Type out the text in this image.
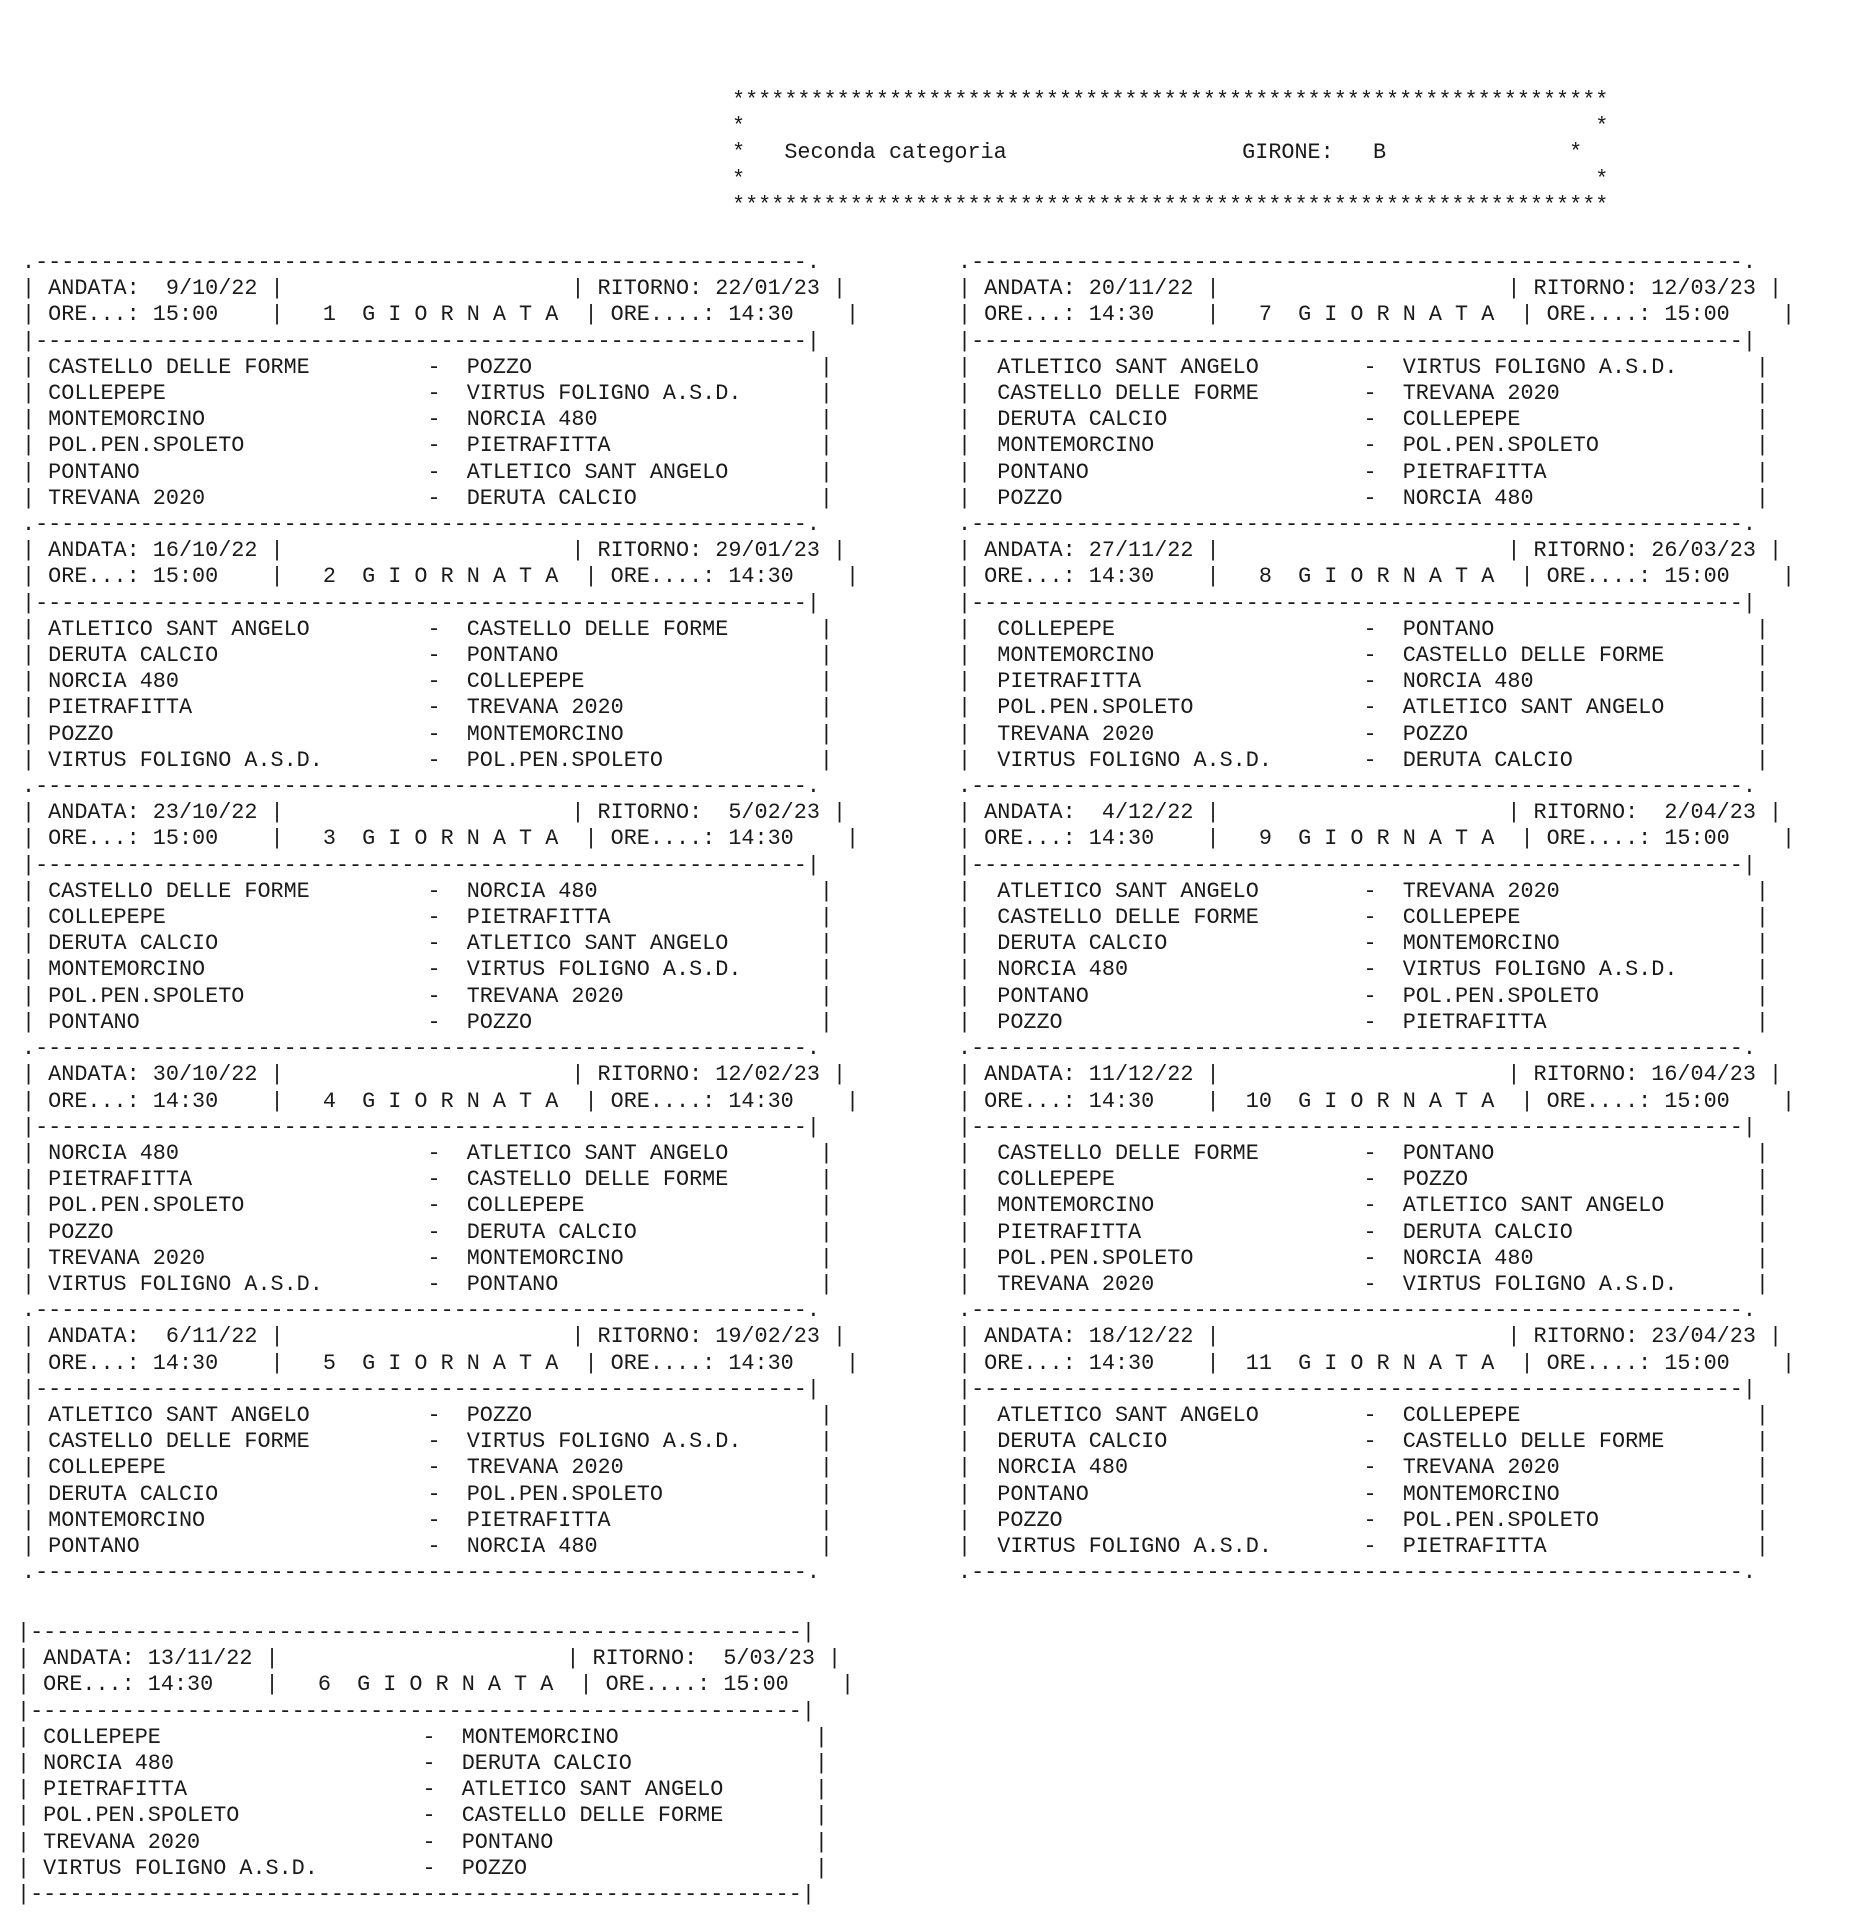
*******************************************************************
*                                                                 *
*   Seconda categoria	GIRONE: B              *
*                                                                 *
*******************************************************************
.-----------------------------------------------------------.
| ANDATA:  9/10/22 |                      | RITORNO: 22/01/23 |
| ORE...: 15:00    |   1  G I O R N A T A  | ORE....: 14:30    |
|-----------------------------------------------------------|
| CASTELLO DELLE FORME         -  POZZO                      |
| COLLEPEPE                    -  VIRTUS FOLIGNO A.S.D.      |
| MONTEMORCINO                 -  NORCIA 480                 |
| POL.PEN.SPOLETO              -  PIETRAFITTA                |
| PONTANO                      -  ATLETICO SANT ANGELO       |
| TREVANA 2020                 -  DERUTA CALCIO              |
.-----------------------------------------------------------.
| ANDATA: 16/10/22 |                      | RITORNO: 29/01/23 |
| ORE...: 15:00    |   2  G I O R N A T A  | ORE....: 14:30    |
|-----------------------------------------------------------|
| ATLETICO SANT ANGELO         -  CASTELLO DELLE FORME       |
| DERUTA CALCIO                -  PONTANO                    |
| NORCIA 480                   -  COLLEPEPE                  |
| PIETRAFITTA                  -  TREVANA 2020               |
| POZZO                        -  MONTEMORCINO               |
| VIRTUS FOLIGNO A.S.D.        -  POL.PEN.SPOLETO            |
.-----------------------------------------------------------.
| ANDATA: 23/10/22 |                      | RITORNO:  5/02/23 |
| ORE...: 15:00    |   3  G I O R N A T A  | ORE....: 14:30    |
|-----------------------------------------------------------|
| CASTELLO DELLE FORME         -  NORCIA 480                 |
| COLLEPEPE                    -  PIETRAFITTA                |
| DERUTA CALCIO                -  ATLETICO SANT ANGELO       |
| MONTEMORCINO                 -  VIRTUS FOLIGNO A.S.D.      |
| POL.PEN.SPOLETO              -  TREVANA 2020               |
| PONTANO                      -  POZZO                      |
.-----------------------------------------------------------.
| ANDATA: 30/10/22 |                      | RITORNO: 12/02/23 |
| ORE...: 14:30    |   4  G I O R N A T A  | ORE....: 14:30    |
|-----------------------------------------------------------|
| NORCIA 480                   -  ATLETICO SANT ANGELO       |
| PIETRAFITTA                  -  CASTELLO DELLE FORME       |
| POL.PEN.SPOLETO              -  COLLEPEPE                  |
| POZZO                        -  DERUTA CALCIO              |
| TREVANA 2020                 -  MONTEMORCINO               |
| VIRTUS FOLIGNO A.S.D.        -  PONTANO                    |
.-----------------------------------------------------------.
| ANDATA:  6/11/22 |                      | RITORNO: 19/02/23 |
| ORE...: 14:30    |   5  G I O R N A T A  | ORE....: 14:30    |
|-----------------------------------------------------------|
| ATLETICO SANT ANGELO         -  POZZO                      |
| CASTELLO DELLE FORME         -  VIRTUS FOLIGNO A.S.D.      |
| COLLEPEPE                    -  TREVANA 2020               |
| DERUTA CALCIO                -  POL.PEN.SPOLETO            |
| MONTEMORCINO                 -  PIETRAFITTA                |
| PONTANO                      -  NORCIA 480                 |
.-----------------------------------------------------------.
.-----------------------------------------------------------.
| ANDATA: 20/11/22 |                      | RITORNO: 12/03/23 |
| ORE...: 14:30    |   7  G I O R N A T A  | ORE....: 15:00    |
|-----------------------------------------------------------|
|  ATLETICO SANT ANGELO        -  VIRTUS FOLIGNO A.S.D.      |
|  CASTELLO DELLE FORME        -  TREVANA 2020               |
|  DERUTA CALCIO               -  COLLEPEPE                  |
|  MONTEMORCINO                -  POL.PEN.SPOLETO            |
|  PONTANO                     -  PIETRAFITTA                |
|  POZZO                       -  NORCIA 480                 |
.-----------------------------------------------------------.
| ANDATA: 27/11/22 |                      | RITORNO: 26/03/23 |
| ORE...: 14:30    |   8  G I O R N A T A  | ORE....: 15:00    |
|-----------------------------------------------------------|
|  COLLEPEPE                   -  PONTANO                    |
|  MONTEMORCINO                -  CASTELLO DELLE FORME       |
|  PIETRAFITTA                 -  NORCIA 480                 |
|  POL.PEN.SPOLETO             -  ATLETICO SANT ANGELO       |
|  TREVANA 2020                -  POZZO                      |
|  VIRTUS FOLIGNO A.S.D.       -  DERUTA CALCIO              |
.-----------------------------------------------------------.
| ANDATA:  4/12/22 |                      | RITORNO:  2/04/23 |
| ORE...: 14:30    |   9  G I O R N A T A  | ORE....: 15:00    |
|-----------------------------------------------------------|
|  ATLETICO SANT ANGELO        -  TREVANA 2020               |
|  CASTELLO DELLE FORME        -  COLLEPEPE                  |
|  DERUTA CALCIO               -  MONTEMORCINO               |
|  NORCIA 480                  -  VIRTUS FOLIGNO A.S.D.      |
|  PONTANO                     -  POL.PEN.SPOLETO            |
|  POZZO                       -  PIETRAFITTA                |
.-----------------------------------------------------------.
| ANDATA: 11/12/22 |                      | RITORNO: 16/04/23 |
| ORE...: 14:30    |  10  G I O R N A T A  | ORE....: 15:00    |
|-----------------------------------------------------------|
|  CASTELLO DELLE FORME        -  PONTANO                    |
|  COLLEPEPE                   -  POZZO                      |
|  MONTEMORCINO                -  ATLETICO SANT ANGELO       |
|  PIETRAFITTA                 -  DERUTA CALCIO              |
|  POL.PEN.SPOLETO             -  NORCIA 480                 |
|  TREVANA 2020                -  VIRTUS FOLIGNO A.S.D.      |
.-----------------------------------------------------------.
| ANDATA: 18/12/22 |                      | RITORNO: 23/04/23 |
| ORE...: 14:30    |  11  G I O R N A T A  | ORE....: 15:00    |
|-----------------------------------------------------------|
|  ATLETICO SANT ANGELO        -  COLLEPEPE                  |
|  DERUTA CALCIO               -  CASTELLO DELLE FORME       |
|  NORCIA 480                  -  TREVANA 2020               |
|  PONTANO                     -  MONTEMORCINO               |
|  POZZO                       -  POL.PEN.SPOLETO            |
|  VIRTUS FOLIGNO A.S.D.       -  PIETRAFITTA                |
.-----------------------------------------------------------.
|-----------------------------------------------------------|
| ANDATA: 13/11/22 |                      | RITORNO:  5/03/23 |
| ORE...: 14:30    |   6  G I O R N A T A  | ORE....: 15:00    |
|-----------------------------------------------------------|
| COLLEPEPE                    -  MONTEMORCINO               |
| NORCIA 480                   -  DERUTA CALCIO              |
| PIETRAFITTA                  -  ATLETICO SANT ANGELO       |
| POL.PEN.SPOLETO              -  CASTELLO DELLE FORME       |
| TREVANA 2020                 -  PONTANO                    |
| VIRTUS FOLIGNO A.S.D.        -  POZZO                      |
|-----------------------------------------------------------|
